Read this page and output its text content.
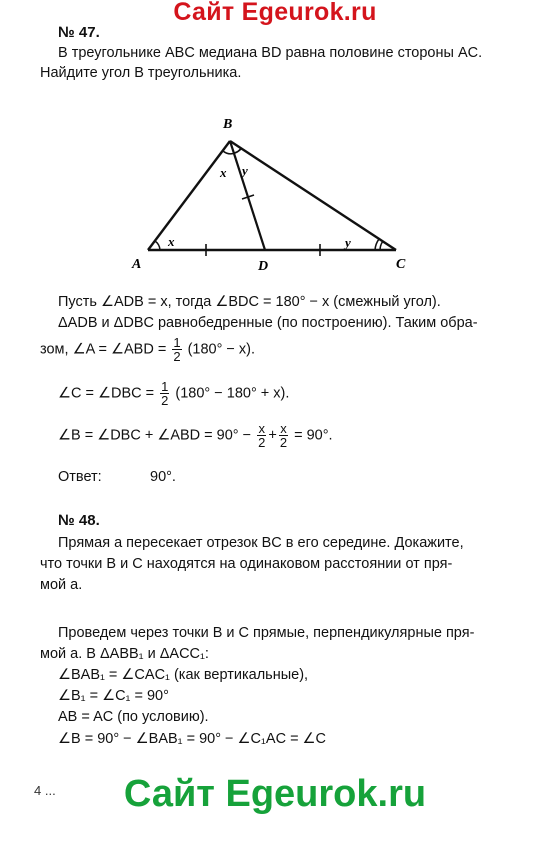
Сайт Egeurok.ru
№ 47.
В треугольнике ABC медиана BD равна половине стороны AC.
Найдите угол B треугольника.
B
A	D	C
x y
x	y
Пусть ∠ADB = x, тогда ∠BDC = 180° − x (смежный угол).
ΔADB и ΔDBC равнобедренные (по построению). Таким обра-
зом, ∠A = ∠ABD = $\frac{1}{2} (180^\circ - x)$.
∠C = ∠DBC = $\frac{1}{2} (180^\circ - 180^\circ + x)$.
∠B = ∠DBC + ∠ABD = $90^\circ - \frac{x}{2} + \frac{x}{2} = 90^\circ$.
Ответ:	90°.
№ 48.
Прямая a пересекает отрезок BC в его середине. Докажите,
что точки B и C находятся на одинаковом расстоянии от пря-
мой a.
Проведем через точки B и C прямые, перпендикулярные пря-
мой a. В ΔABB₁ и ΔACC₁:
∠BAB₁ = ∠CAC₁ (как вертикальные),
∠B₁ = ∠C₁ = 90°
AB = AC (по условию).
∠B = 90° − ∠BAB₁ = 90° − ∠C₁AC = ∠C
4 ...	Сайт Egeurok.ru
